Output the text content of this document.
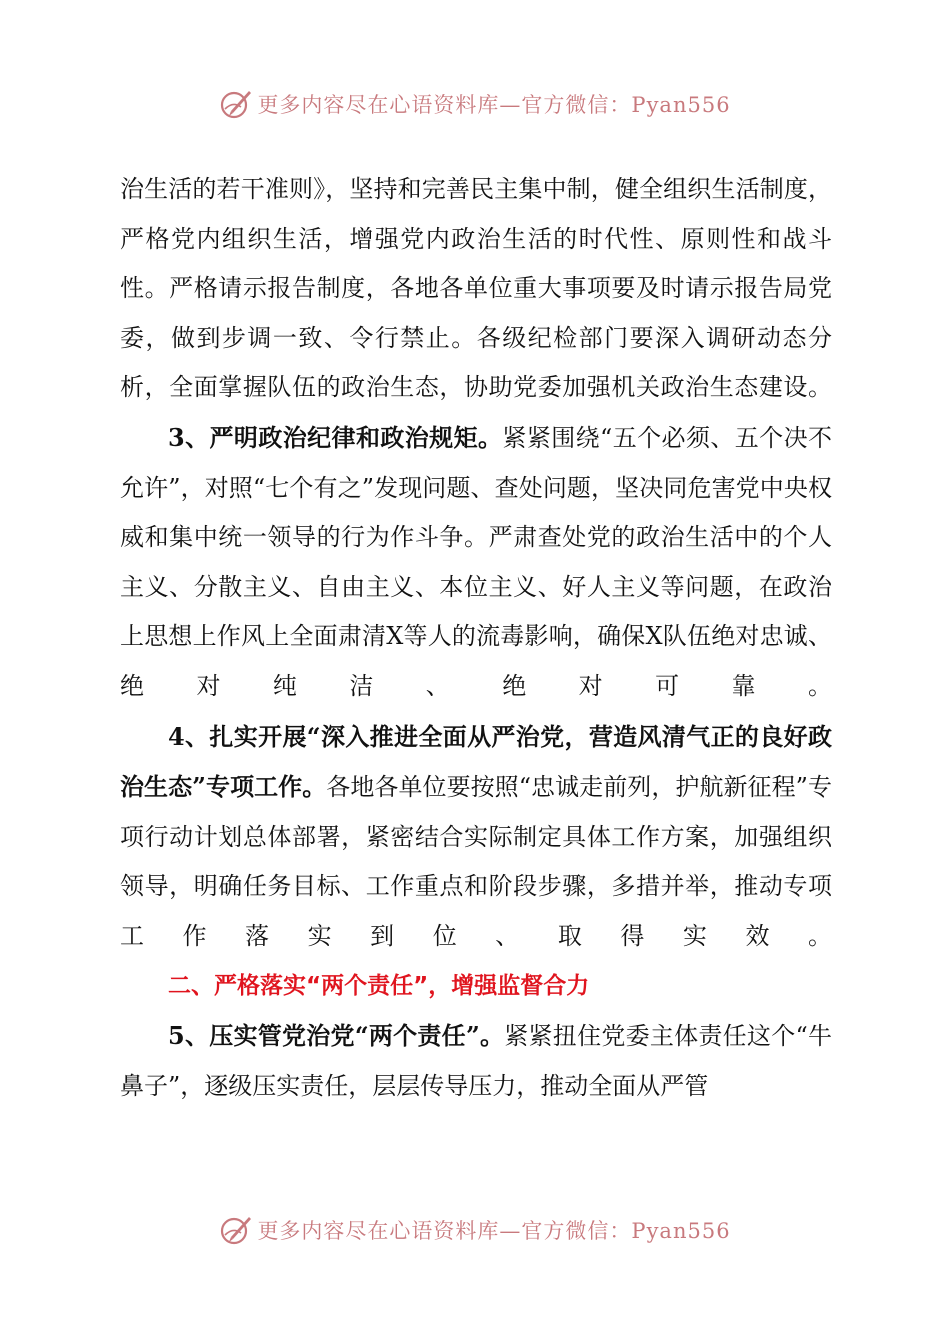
更多内容尽在心语资料库—官方微信：Pyan556

治生活的若干准则》，坚持和完善民主集中制，健全组织生活制度，严格党内组织生活，增强党内政治生活的时代性、原则性和战斗性。严格请示报告制度，各地各单位重大事项要及时请示报告局党委，做到步调一致、令行禁止。各级纪检部门要深入调研动态分析，全面掌握队伍的政治生态，协助党委加强机关政治生态建设。

3、严明政治纪律和政治规矩。紧紧围绕“五个必须、五个决不允许”，对照“七个有之”发现问题、查处问题，坚决同危害党中央权威和集中统一领导的行为作斗争。严肃查处党的政治生活中的个人主义、分散主义、自由主义、本位主义、好人主义等问题，在政治上思想上作风上全面肃清X等人的流毒影响，确保X队伍绝对忠诚、绝对纯洁、绝对可靠。

4、扎实开展“深入推进全面从严治党，营造风清气正的良好政治生态”专项工作。各地各单位要按照“忠诚走前列，护航新征程”专项行动计划总体部署，紧密结合实际制定具体工作方案，加强组织领导，明确任务目标、工作重点和阶段步骤，多措并举，推动专项工作落实到位、取得实效。

二、严格落实“两个责任”，增强监督合力

5、压实管党治党“两个责任”。紧紧扭住党委主体责任这个“牛鼻子”，逐级压实责任，层层传导压力，推动全面从严管

更多内容尽在心语资料库—官方微信：Pyan556
